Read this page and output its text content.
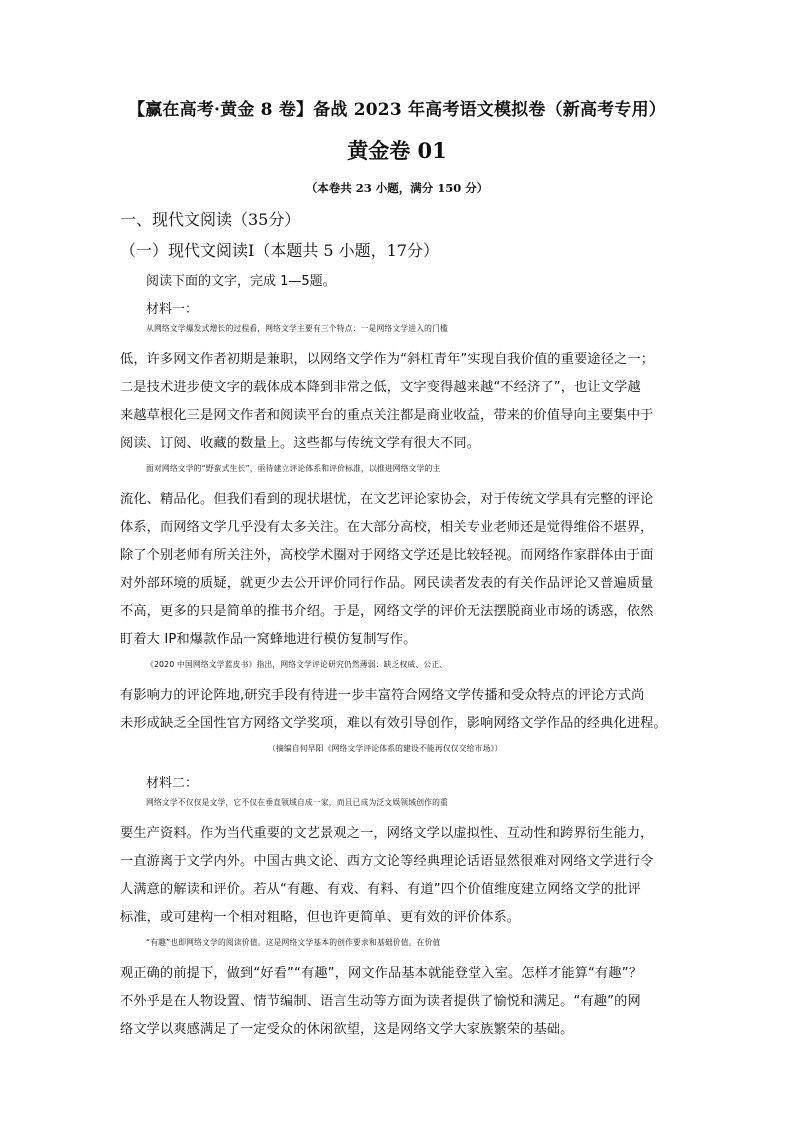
【赢在高考·黄金 8 卷】备战 2023 年高考语文模拟卷（新高考专用）
黄金卷 01
（本卷共 23 小题，满分 150 分）
一、现代文阅读（35分）
（一）现代文阅读Ⅰ（本题共 5 小题，17分）
阅读下面的文字，完成 1—5题。
材料一：
从网络文学爆发式增长的过程看，网络文学主要有三个特点：一是网络文学进入的门槛
低，许多网文作者初期是兼职，以网络文学作为“斜杠青年”实现自我价值的重要途径之一；
二是技术进步使文字的载体成本降到非常之低，文字变得越来越“不经济了”，也让文学越
来越草根化三是网文作者和阅读平台的重点关注都是商业收益，带来的价值导向主要集中于
阅读、订阅、收藏的数量上。这些都与传统文学有很大不同。
面对网络文学的“野蛮式生长”，亟待建立评论体系和评价标准，以推进网络文学的主
流化、精品化。但我们看到的现状堪忧，在文艺评论家协会，对于传统文学具有完整的评论
体系，而网络文学几乎没有太多关注。在大部分高校，相关专业老师还是觉得维俗不堪界，
除了个别老师有所关注外，高校学术圈对于网络文学还是比较轻视。而网络作家群体由于面
对外部环境的质疑，就更少去公开评价同行作品。网民读者发表的有关作品评论又普遍质量
不高，更多的只是简单的推书介绍。于是，网络文学的评价无法摆脱商业市场的诱惑，依然
盯着大 IP和爆款作品一窝蜂地进行模仿复制写作。
《2020 中国网络文学蓝皮书》指出，网络文学评论研究仍然薄弱：缺乏权威、公正、
有影响力的评论阵地,研究手段有待进一步丰富符合网络文学传播和受众特点的评论方式尚
未形成缺乏全国性官方网络文学奖项，难以有效引导创作，影响网络文学作品的经典化进程。
（摘编自何早阳《网络文学评论体系的建设不能再仅仅交给市场》）
材料二：
网络文学不仅仅是文学，它不仅在垂直领域自成一家，而且已成为泛文娱领域创作的重
要生产资料。作为当代重要的文艺景观之一，网络文学以虚拟性、互动性和跨界衍生能力，
一直游离于文学内外。中国古典文论、西方文论等经典理论话语显然很难对网络文学进行令
人满意的解读和评价。若从“有趣、有戏、有料、有道”四个价值维度建立网络文学的批评
标准，或可建构一个相对粗略，但也许更简单、更有效的评价体系。
“有趣”也即网络文学的阅读价值。这是网络文学基本的创作要求和基础价值。在价值
观正确的前提下，做到“好看”“有趣”，网文作品基本就能登堂入室。怎样才能算“有趣”？
不外乎是在人物设置、情节编制、语言生动等方面为读者提供了愉悦和满足。“有趣”的网
络文学以爽感满足了一定受众的休闲欲望，这是网络文学大家族繁荣的基础。
